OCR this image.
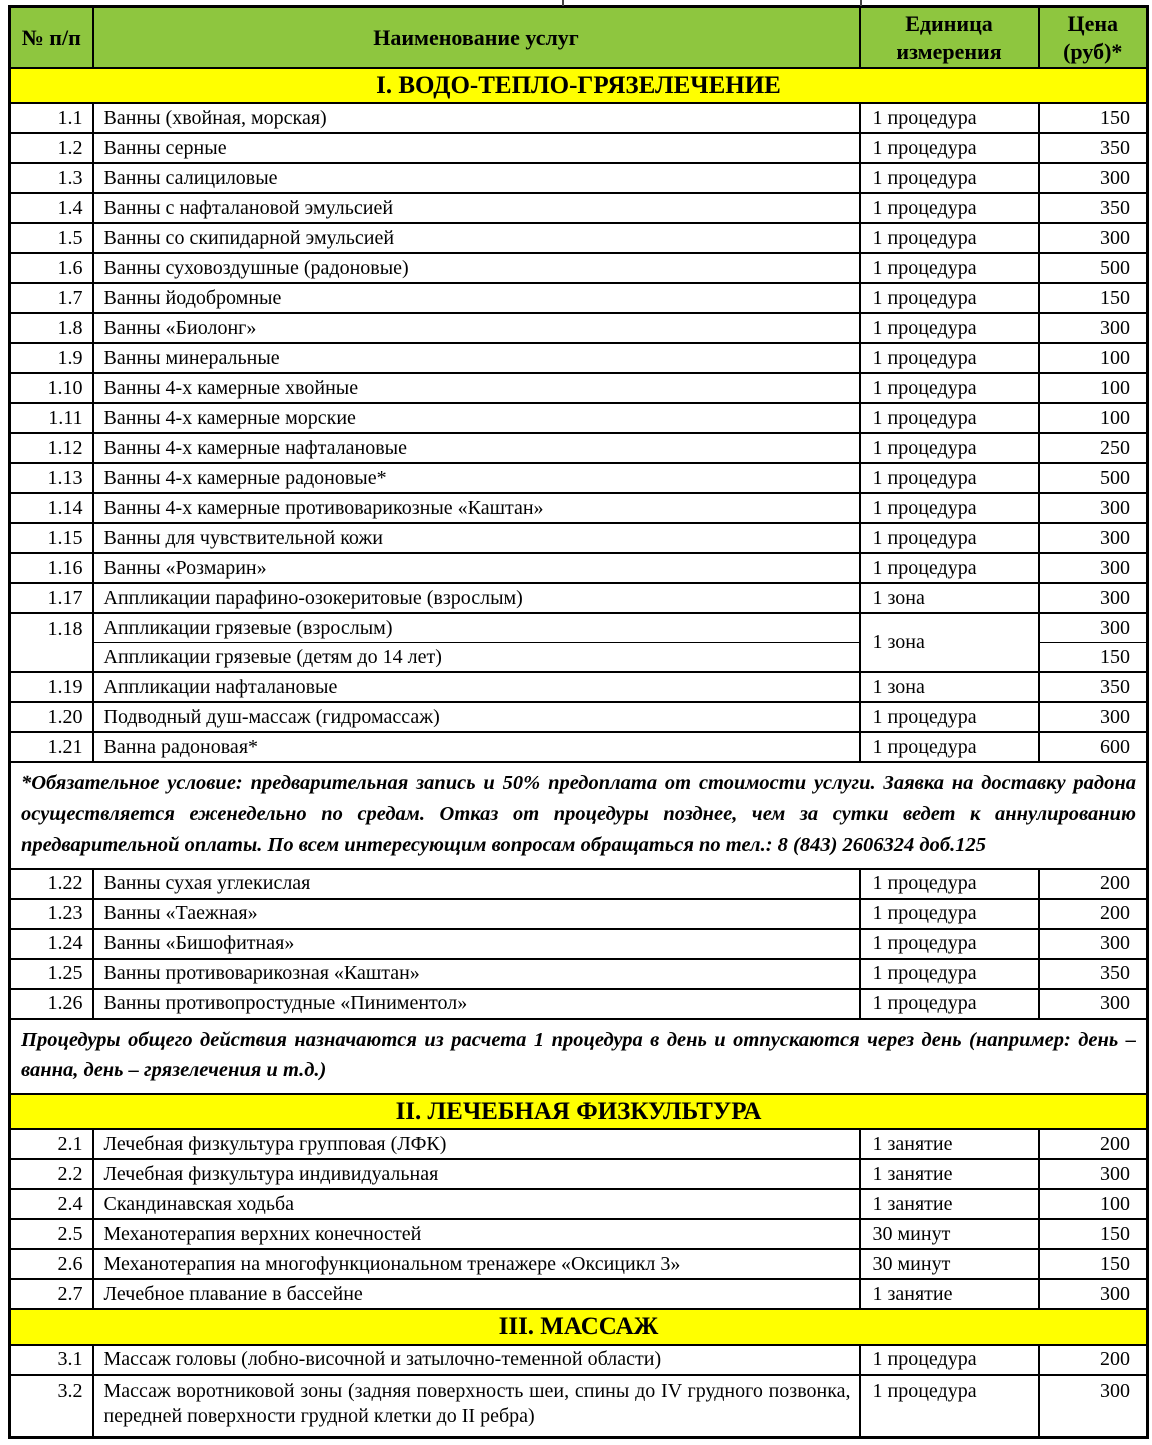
№ п/п	Наименование услуг	Единица измерения	Цена (руб)*
I. ВОДО-ТЕПЛО-ГРЯЗЕЛЕЧЕНИЕ			
1.1	Ванны (хвойная, морская)	1 процедура	150
1.2	Ванны серные	1 процедура	350
1.3	Ванны салициловые	1 процедура	300
1.4	Ванны с нафталановой эмульсией	1 процедура	350
1.5	Ванны со скипидарной эмульсией	1 процедура	300
1.6	Ванны суховоздушные (радоновые)	1 процедура	500
1.7	Ванны йодобромные	1 процедура	150
1.8	Ванны «Биолонг»	1 процедура	300
1.9	Ванны минеральные	1 процедура	100
1.10	Ванны 4-х камерные хвойные	1 процедура	100
1.11	Ванны 4-х камерные морские	1 процедура	100
1.12	Ванны 4-х камерные нафталановые	1 процедура	250
1.13	Ванны 4-х камерные радоновые*	1 процедура	500
1.14	Ванны 4-х камерные противоварикозные «Каштан»	1 процедура	300
1.15	Ванны для чувствительной кожи	1 процедура	300
1.16	Ванны «Розмарин»	1 процедура	300
1.17	Аппликации парафино-озокеритовые (взрослым)	1 зона	300
1.18	Аппликации грязевые (взрослым)	1 зона	300
	Аппликации грязевые (детям до 14 лет)		150
1.19	Аппликации нафталановые	1 зона	350
1.20	Подводный душ-массаж (гидромассаж)	1 процедура	300
1.21	Ванна радоновая*	1 процедура	600
*Обязательное условие: предварительная запись и 50% предоплата от стоимости услуги. Заявка на доставку радона осуществляется еженедельно по средам. Отказ от процедуры позднее, чем за сутки ведет к аннулированию предварительной оплаты. По всем интересующим вопросам обращаться по тел.: 8 (843) 2606324 доб.125			
1.22	Ванны сухая углекислая	1 процедура	200
1.23	Ванны «Таежная»	1 процедура	200
1.24	Ванны «Бишофитная»	1 процедура	300
1.25	Ванны противоварикозная «Каштан»	1 процедура	350
1.26	Ванны противопростудные «Пиниментол»	1 процедура	300
Процедуры общего действия назначаются из расчета 1 процедура в день и отпускаются через день (например: день – ванна, день – грязелечения и т.д.)			
II. ЛЕЧЕБНАЯ ФИЗКУЛЬТУРА			
2.1	Лечебная физкультура групповая (ЛФК)	1 занятие	200
2.2	Лечебная физкультура индивидуальная	1 занятие	300
2.4	Скандинавская ходьба	1 занятие	100
2.5	Механотерапия верхних конечностей	30 минут	150
2.6	Механотерапия на многофункциональном тренажере «Оксицикл 3»	30 минут	150
2.7	Лечебное плавание в бассейне	1 занятие	300
III. МАССАЖ			
3.1	Массаж головы (лобно-височной и затылочно-теменной области)	1 процедура	200
3.2	Массаж воротниковой зоны (задняя поверхность шеи, спины до IV грудного позвонка, передней поверхности грудной клетки до II ребра)	1 процедура	300
